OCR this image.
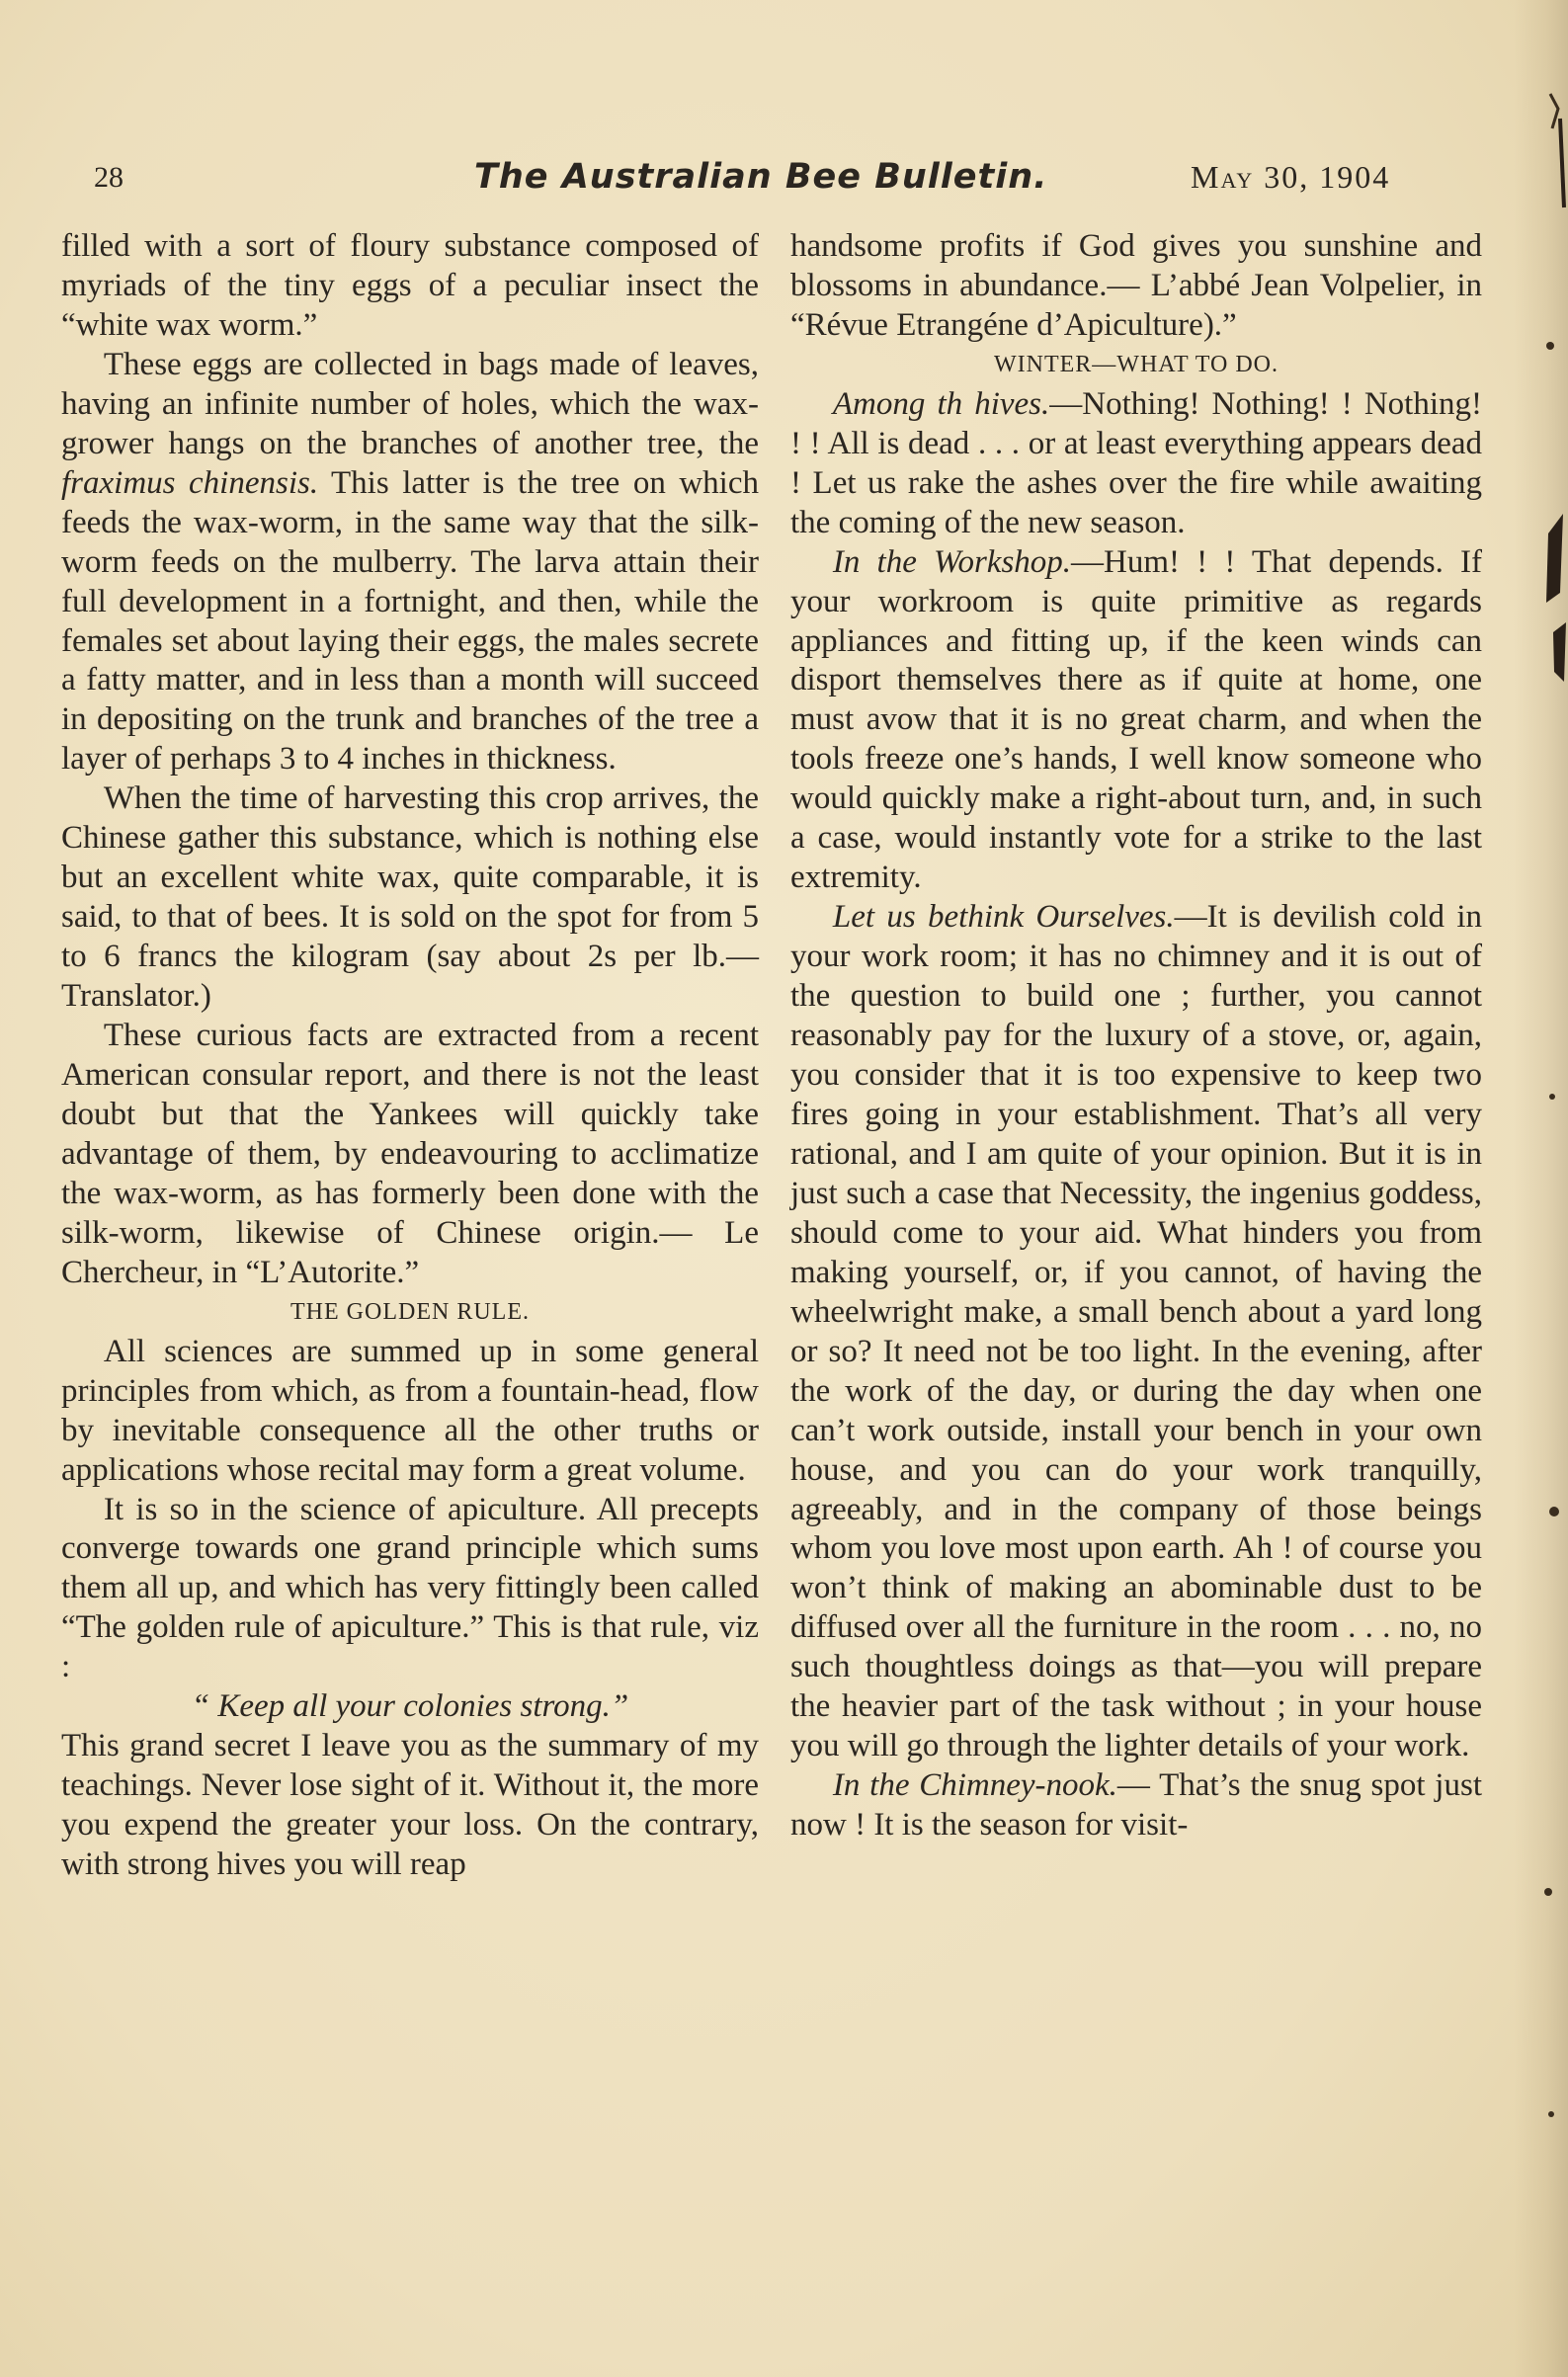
28	The Australian Bee Bulletin.	May 30, 1904

filled with a sort of floury substance composed of myriads of the tiny eggs of a peculiar insect the “white wax worm.”

These eggs are collected in bags made of leaves, having an infinite number of holes, which the wax-grower hangs on the branches of another tree, the fraximus chinensis. This latter is the tree on which feeds the wax-worm, in the same way that the silk-worm feeds on the mulberry. The larva attain their full development in a fortnight, and then, while the females set about laying their eggs, the males secrete a fatty matter, and in less than a month will succeed in depositing on the trunk and branches of the tree a layer of perhaps 3 to 4 inches in thickness.

When the time of harvesting this crop arrives, the Chinese gather this substance, which is nothing else but an excellent white wax, quite comparable, it is said, to that of bees. It is sold on the spot for from 5 to 6 francs the kilogram (say about 2s per lb.—Translator.)

These curious facts are extracted from a recent American consular report, and there is not the least doubt but that the Yankees will quickly take advantage of them, by endeavouring to acclimatize the wax-worm, as has formerly been done with the silk-worm, likewise of Chinese origin.— Le Chercheur, in “L’Autorite.”

THE GOLDEN RULE.

All sciences are summed up in some general principles from which, as from a fountain-head, flow by inevitable consequence all the other truths or applications whose recital may form a great volume.

It is so in the science of apiculture. All precepts converge towards one grand principle which sums them all up, and which has very fittingly been called “The golden rule of apiculture.” This is that rule, viz :

“ Keep all your colonies strong.”

This grand secret I leave you as the summary of my teachings. Never lose sight of it. Without it, the more you expend the greater your loss. On the contrary, with strong hives you will reap

handsome profits if God gives you sunshine and blossoms in abundance.— L’abbé Jean Volpelier, in “Révue Etrangéne d’Apiculture).”

WINTER—WHAT TO DO.

Among th hives.—Nothing! Nothing! ! Nothing! ! ! All is dead . . . or at least everything appears dead ! Let us rake the ashes over the fire while awaiting the coming of the new season.

In the Workshop.—Hum! ! ! That depends. If your workroom is quite primitive as regards appliances and fitting up, if the keen winds can disport themselves there as if quite at home, one must avow that it is no great charm, and when the tools freeze one’s hands, I well know someone who would quickly make a right-about turn, and, in such a case, would instantly vote for a strike to the last extremity.

Let us bethink Ourselves.—It is devilish cold in your work room; it has no chimney and it is out of the question to build one ; further, you cannot reasonably pay for the luxury of a stove, or, again, you consider that it is too expensive to keep two fires going in your establishment. That’s all very rational, and I am quite of your opinion. But it is in just such a case that Necessity, the ingenius goddess, should come to your aid. What hinders you from making yourself, or, if you cannot, of having the wheelwright make, a small bench about a yard long or so? It need not be too light. In the evening, after the work of the day, or during the day when one can’t work outside, install your bench in your own house, and you can do your work tranquilly, agreeably, and in the company of those beings whom you love most upon earth. Ah ! of course you won’t think of making an abominable dust to be diffused over all the furniture in the room . . . no, no such thoughtless doings as that—you will prepare the heavier part of the task without ; in your house you will go through the lighter details of your work.

In the Chimney-nook.— That’s the snug spot just now ! It is the season for visit-
